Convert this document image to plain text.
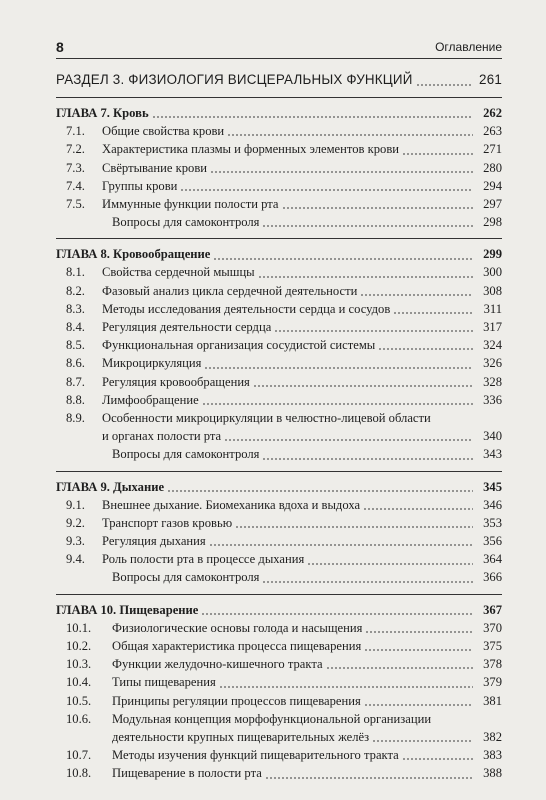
8	Оглавление
РАЗДЕЛ 3. ФИЗИОЛОГИЯ ВИСЦЕРАЛЬНЫХ ФУНКЦИЙ	261
ГЛАВА 7. Кровь	262
7.1.	Общие свойства крови	263
7.2.	Характеристика плазмы и форменных элементов крови	271
7.3.	Свёртывание крови	280
7.4.	Группы крови	294
7.5.	Иммунные функции полости рта	297
Вопросы для самоконтроля	298
ГЛАВА 8. Кровообращение	299
8.1.	Свойства сердечной мышцы	300
8.2.	Фазовый анализ цикла сердечной деятельности	308
8.3.	Методы исследования деятельности сердца и сосудов	311
8.4.	Регуляция деятельности сердца	317
8.5.	Функциональная организация сосудистой системы	324
8.6.	Микроциркуляция	326
8.7.	Регуляция кровообращения	328
8.8.	Лимфообращение	336
8.9.	Особенности микроциркуляции в челюстно-лицевой области
и органах полости рта	340
Вопросы для самоконтроля	343
ГЛАВА 9. Дыхание	345
9.1.	Внешнее дыхание. Биомеханика вдоха и выдоха	346
9.2.	Транспорт газов кровью	353
9.3.	Регуляция дыхания	356
9.4.	Роль полости рта в процессе дыхания	364
Вопросы для самоконтроля	366
ГЛАВА 10. Пищеварение	367
10.1.	Физиологические основы голода и насыщения	370
10.2.	Общая характеристика процесса пищеварения	375
10.3.	Функции желудочно-кишечного тракта	378
10.4.	Типы пищеварения	379
10.5.	Принципы регуляции процессов пищеварения	381
10.6.	Модульная концепция морфофункциональной организации
деятельности крупных пищеварительных желёз	382
10.7.	Методы изучения функций пищеварительного тракта	383
10.8.	Пищеварение в полости рта	388
